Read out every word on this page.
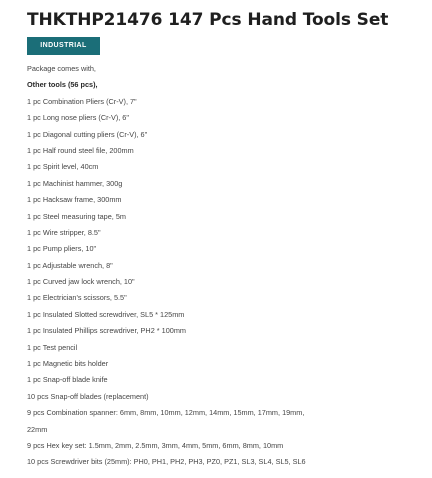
THKTHP21476 147 Pcs Hand Tools Set
INDUSTRIAL
Package comes with,
Other tools (56 pcs),
1 pc Combination Pliers (Cr-V), 7"
1 pc Long nose pliers (Cr-V), 6"
1 pc Diagonal cutting pliers (Cr-V), 6"
1 pc Half round steel file, 200mm
1 pc Spirit level, 40cm
1 pc Machinist hammer, 300g
1 pc Hacksaw frame, 300mm
1 pc Steel measuring tape, 5m
1 pc Wire stripper, 8.5"
1 pc Pump pliers, 10"
1 pc Adjustable wrench, 8"
1 pc Curved jaw lock wrench, 10"
1 pc Electrician's scissors, 5.5"
1 pc Insulated Slotted screwdriver, SL5 * 125mm
1 pc Insulated Phillips screwdriver, PH2 * 100mm
1 pc Test pencil
1 pc Magnetic bits holder
1 pc Snap-off blade knife
10 pcs Snap-off blades (replacement)
9 pcs Combination spanner: 6mm, 8mm, 10mm, 12mm, 14mm, 15mm, 17mm, 19mm,
22mm
9 pcs Hex key set: 1.5mm, 2mm, 2.5mm, 3mm, 4mm, 5mm, 6mm, 8mm, 10mm
10 pcs Screwdriver bits (25mm): PH0, PH1, PH2, PH3, PZ0, PZ1, SL3, SL4, SL5, SL6
